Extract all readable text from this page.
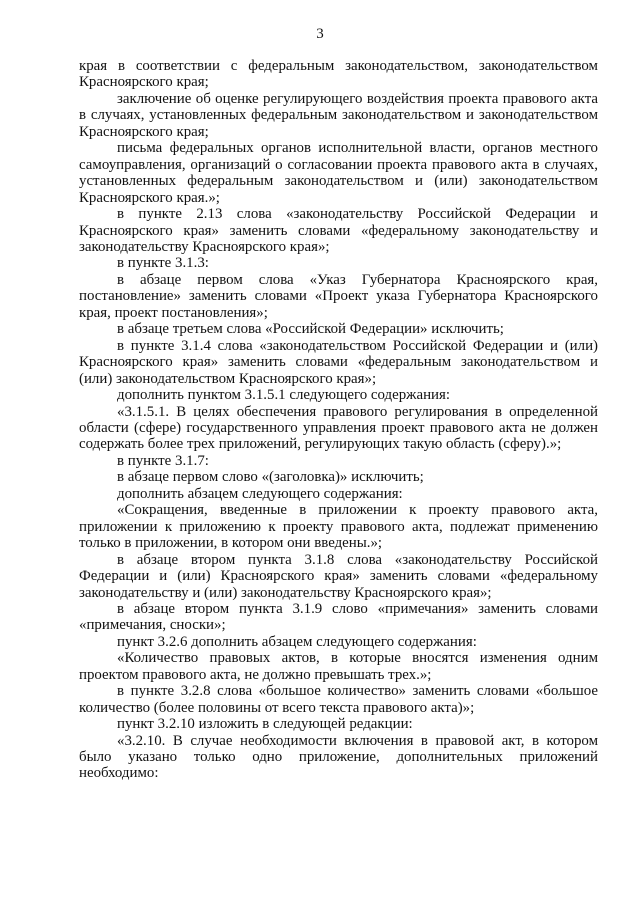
3

края в соответствии с федеральным законодательством, законодательством Красноярского края;

заключение об оценке регулирующего воздействия проекта правового акта в случаях, установленных федеральным законодательством и законодательством Красноярского края;

письма федеральных органов исполнительной власти, органов местного самоуправления, организаций о согласовании проекта правового акта в случаях, установленных федеральным законодательством и (или) законодательством Красноярского края.»;

в пункте 2.13 слова «законодательству Российской Федерации и Красноярского края» заменить словами «федеральному законодательству и законодательству Красноярского края»;

в пункте 3.1.3:

в абзаце первом слова «Указ Губернатора Красноярского края, постановление» заменить словами «Проект указа Губернатора Красноярского края, проект постановления»;

в абзаце третьем слова «Российской Федерации» исключить;

в пункте 3.1.4 слова «законодательством Российской Федерации и (или) Красноярского края» заменить словами «федеральным законодательством и (или) законодательством Красноярского края»;

дополнить пунктом 3.1.5.1 следующего содержания:

«3.1.5.1. В целях обеспечения правового регулирования в определенной области (сфере) государственного управления проект правового акта не должен содержать более трех приложений, регулирующих такую область (сферу).»;

в пункте 3.1.7:

в абзаце первом слово «(заголовка)» исключить;

дополнить абзацем следующего содержания:

«Сокращения, введенные в приложении к проекту правового акта, приложении к приложению к проекту правового акта, подлежат применению только в приложении, в котором они введены.»;

в абзаце втором пункта 3.1.8 слова «законодательству Российской Федерации и (или) Красноярского края» заменить словами «федеральному законодательству и (или) законодательству Красноярского края»;

в абзаце втором пункта 3.1.9 слово «примечания» заменить словами «примечания, сноски»;

пункт 3.2.6 дополнить абзацем следующего содержания:

«Количество правовых актов, в которые вносятся изменения одним проектом правового акта, не должно превышать трех.»;

в пункте 3.2.8 слова «большое количество» заменить словами «большое количество (более половины от всего текста правового акта)»;

пункт 3.2.10 изложить в следующей редакции:

«3.2.10. В случае необходимости включения в правовой акт, в котором было указано только одно приложение, дополнительных приложений необходимо:
